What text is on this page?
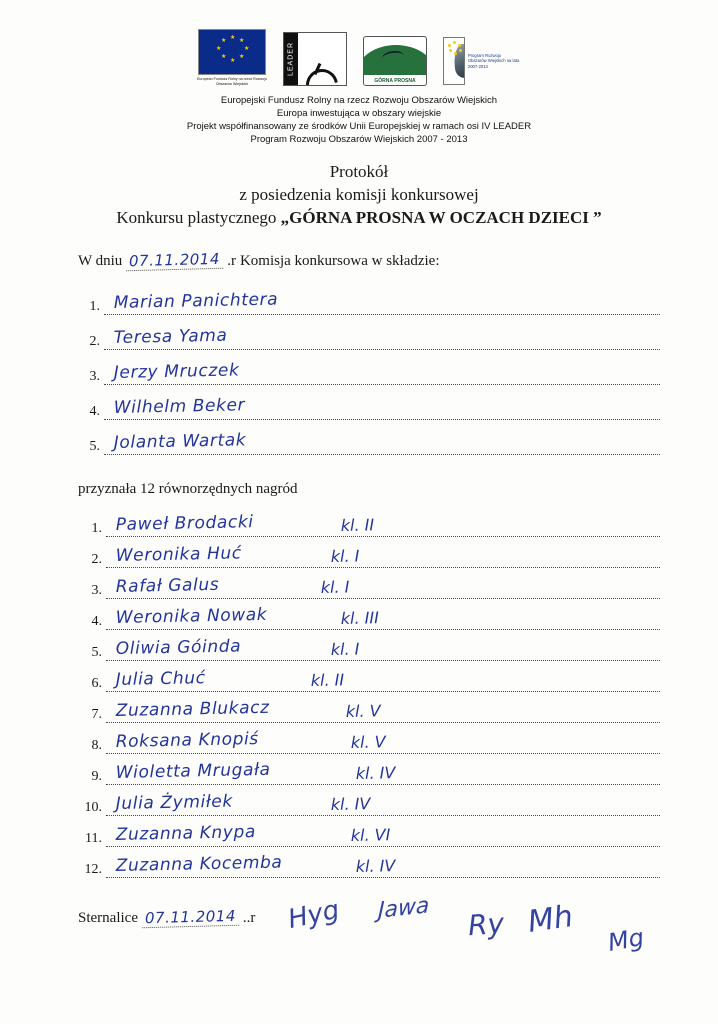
★ ★
★
★
★
★
★
★
European Fundusz Rolny na rzecz Rozwoju Obszarów Wiejskich
LEADER
GÓRNA PROSNA
Program Rozwoju Obszarów Wiejskich na lata 2007-2013
Europejski Fundusz Rolny na rzecz Rozwoju Obszarów Wiejskich
Europa inwestująca w obszary wiejskie
Projekt współfinansowany ze środków Unii Europejskiej w ramach osi IV LEADER
Program Rozwoju Obszarów Wiejskich 2007 - 2013
Protokół
z posiedzenia komisji konkursowej
Konkursu plastycznego „GÓRNA PROSNA W OCZACH DZIECI ”
W dniu 07.11.2014 .r Komisja konkursowa w składzie:
1. Marian Panichtera
2. Teresa Yama
3. Jerzy Mruczek
4. Wilhelm Beker
5. Jolanta Wartak
przyznała 12 równorzędnych nagród
1. Paweł Brodacki	kl. II
2. Weronika Huć	kl. I
3. Rafał Galus	kl. I
4. Weronika Nowak	kl. III
5. Oliwia Góinda	kl. I
6. Julia Chuć	kl. II
7. Zuzanna Blukacz	kl. V
8. Roksana Knopiś	kl. V
9. Wioletta Mrugała	kl. IV
10. Julia Żymiłek	kl. IV
11. Zuzanna Knypa	kl. VI
12. Zuzanna Kocemba	kl. IV
Sternalice 07.11.2014 ..r Hyg Jawa Ry Mh
Mg
